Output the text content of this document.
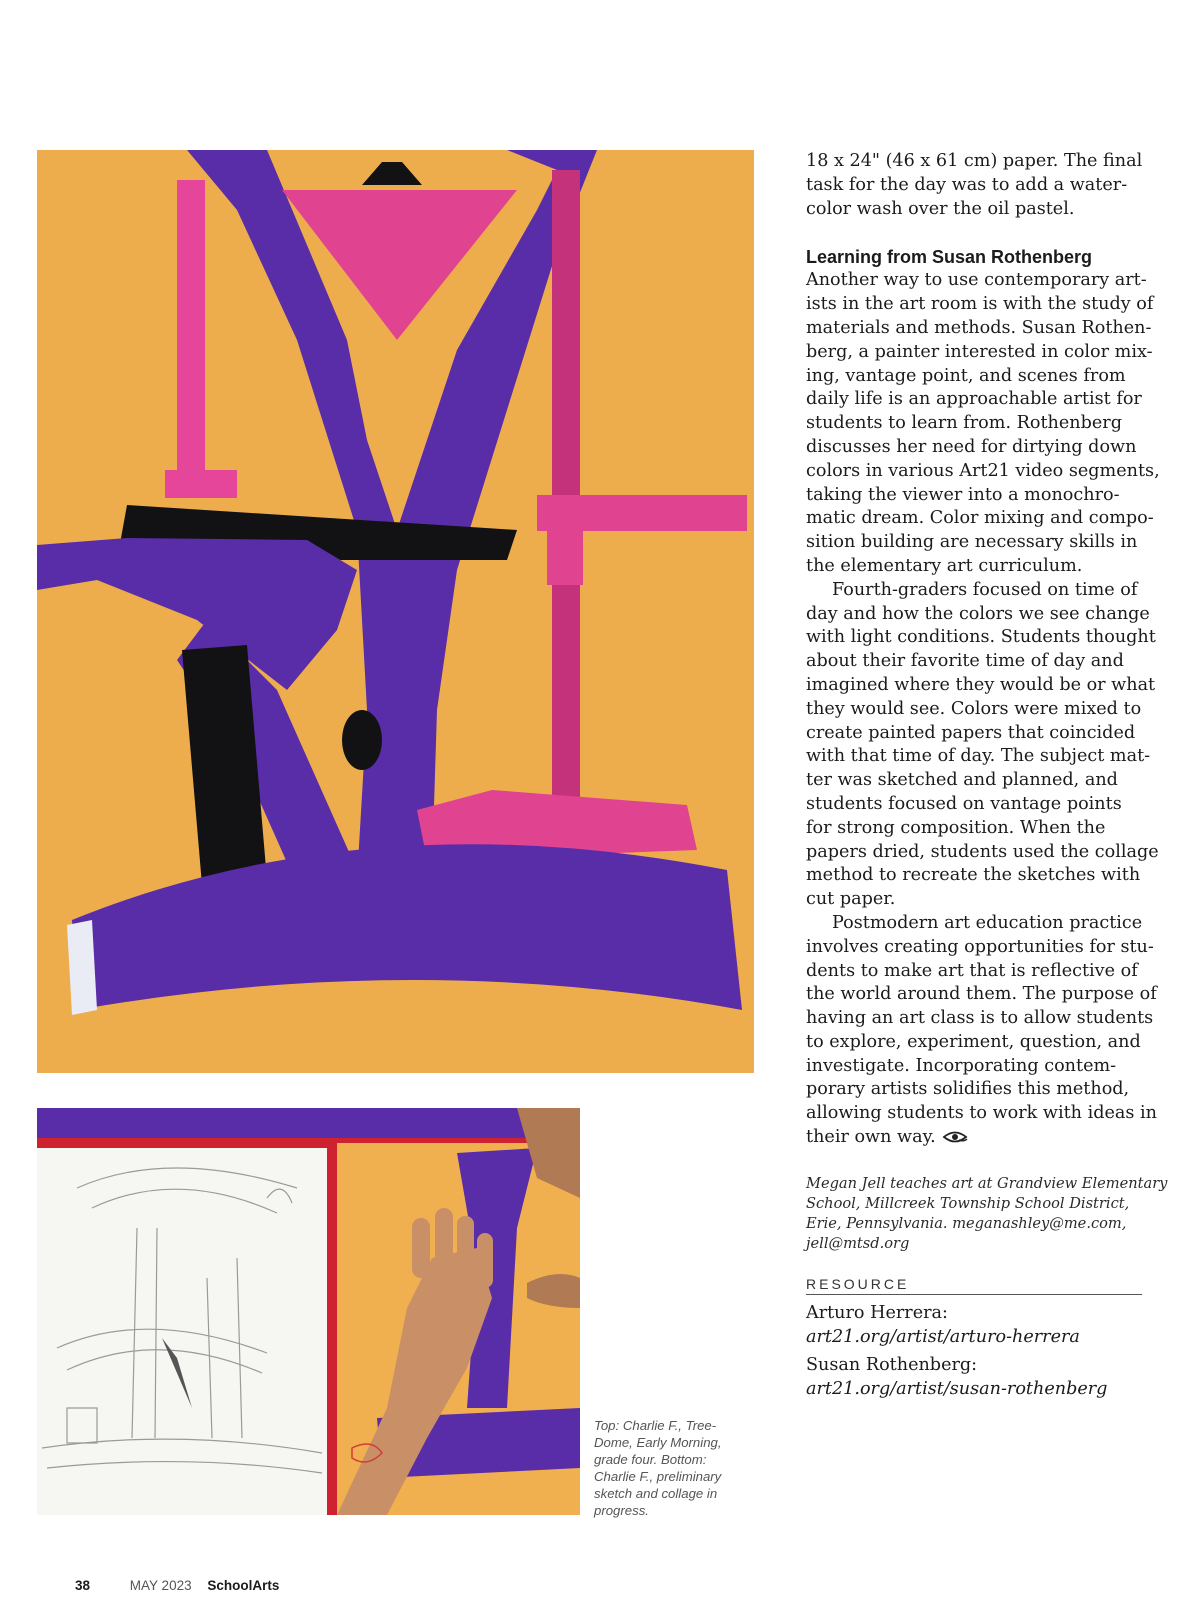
Top: Charlie F., Tree-
Dome, Early Morning,
grade four. Bottom:
Charlie F., preliminary
sketch and collage in
progress.
18 x 24" (46 x 61 cm) paper. The final
task for the day was to add a water-
color wash over the oil pastel.
Learning from Susan Rothenberg
Another way to use contemporary art-
ists in the art room is with the study of
materials and methods. Susan Rothen-
berg, a painter interested in color mix-
ing, vantage point, and scenes from
daily life is an approachable artist for
students to learn from. Rothenberg
discusses her need for dirtying down
colors in various Art21 video segments,
taking the viewer into a monochro-
matic dream. Color mixing and compo-
sition building are necessary skills in
the elementary art curriculum.
Fourth-graders focused on time of
day and how the colors we see change
with light conditions. Students thought
about their favorite time of day and
imagined where they would be or what
they would see. Colors were mixed to
create painted papers that coincided
with that time of day. The subject mat-
ter was sketched and planned, and
students focused on vantage points
for strong composition. When the
papers dried, students used the collage
method to recreate the sketches with
cut paper.
Postmodern art education practice
involves creating opportunities for stu-
dents to make art that is reflective of
the world around them. The purpose of
having an art class is to allow students
to explore, experiment, question, and
investigate. Incorporating contem-
porary artists solidifies this method,
allowing students to work with ideas in
their own way.
Megan Jell teaches art at Grandview Elementary
School, Millcreek Township School District,
Erie, Pennsylvania. meganashley@me.com,
jell@mtsd.org
RESOURCE
Arturo Herrera:
art21.org/artist/arturo-herrera
Susan Rothenberg:
art21.org/artist/susan-rothenberg
38	MAY 2023 SchoolArts
